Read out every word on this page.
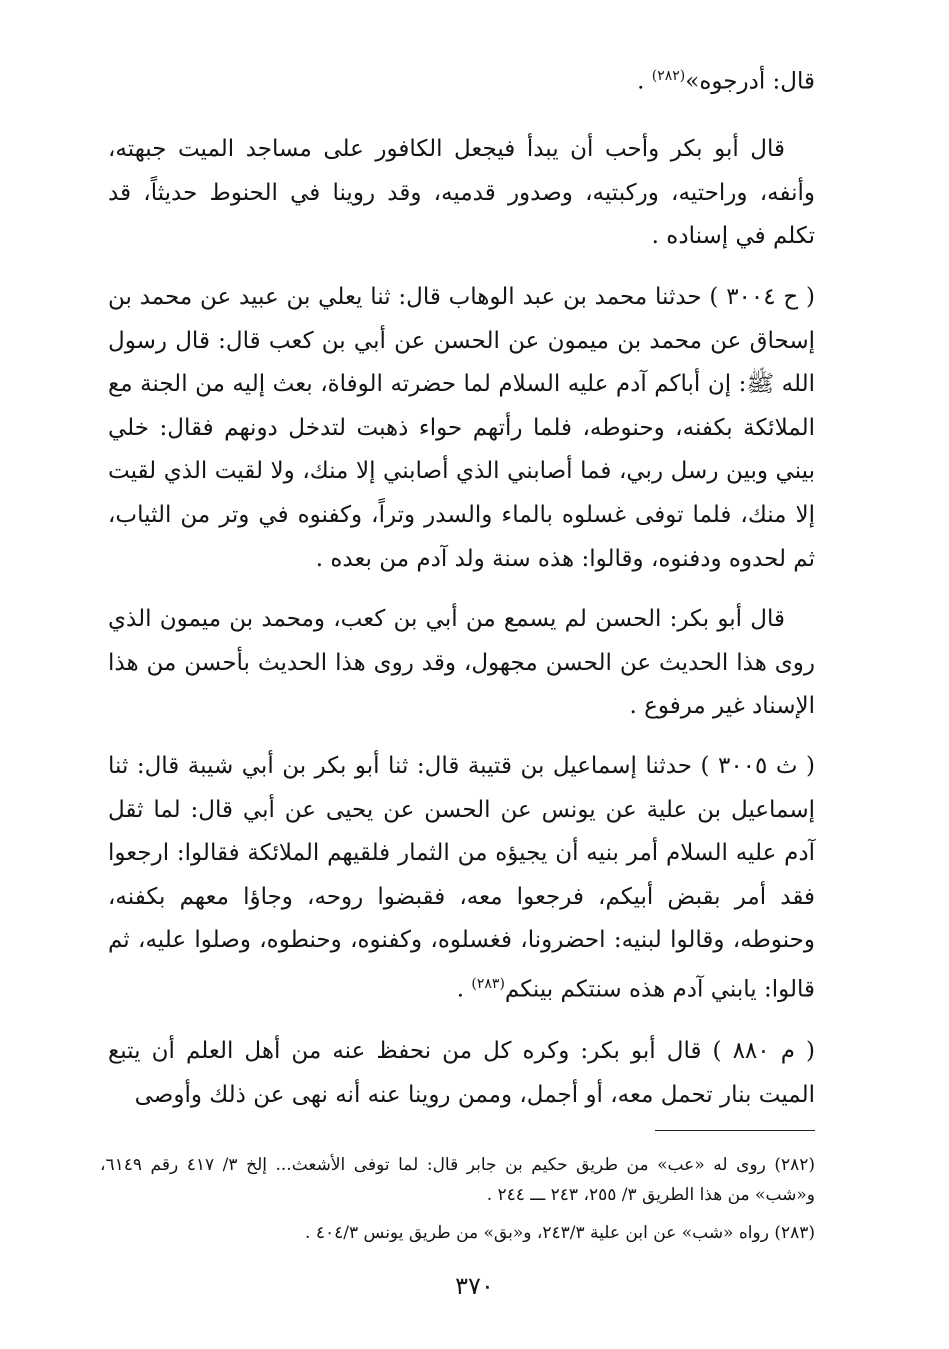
قال: أدرجوه»$^{(٢٨٢)}$ .

قال أبو بكر وأحب أن يبدأ فيجعل الكافور على مساجد الميت جبهته، وأنفه، وراحتيه، وركبتيه، وصدور قدميه، وقد روينا في الحنوط حديثاً، قد تكلم في إسناده .

( ح ٣٠٠٤ ) حدثنا محمد بن عبد الوهاب قال: ثنا يعلي بن عبيد عن محمد بن إسحاق عن محمد بن ميمون عن الحسن عن أبي بن كعب قال: قال رسول الله ﷺ: إن أباكم آدم عليه السلام لما حضرته الوفاة، بعث إليه من الجنة مع الملائكة بكفنه، وحنوطه، فلما رأتهم حواء ذهبت لتدخل دونهم فقال: خلي بيني وبين رسل ربي، فما أصابني الذي أصابني إلا منك، ولا لقيت الذي لقيت إلا منك، فلما توفى غسلوه بالماء والسدر وتراً، وكفنوه في وتر من الثياب، ثم لحدوه ودفنوه، وقالوا: هذه سنة ولد آدم من بعده .

قال أبو بكر: الحسن لم يسمع من أبي بن كعب، ومحمد بن ميمون الذي روى هذا الحديث عن الحسن مجهول، وقد روى هذا الحديث بأحسن من هذا الإسناد غير مرفوع .

( ث ٣٠٠٥ ) حدثنا إسماعيل بن قتيبة قال: ثنا أبو بكر بن أبي شيبة قال: ثنا إسماعيل بن علية عن يونس عن الحسن عن يحيى عن أبي قال: لما ثقل آدم عليه السلام أمر بنيه أن يجيؤه من الثمار فلقيهم الملائكة فقالوا: ارجعوا فقد أمر بقبض أبيكم، فرجعوا معه، فقبضوا روحه، وجاؤا معهم بكفنه، وحنوطه، وقالوا لبنيه: احضرونا، فغسلوه، وكفنوه، وحنطوه، وصلوا عليه، ثم قالوا: يابني آدم هذه سنتكم بينكم$^{(٢٨٣)}$ .

( م ٨٨٠ ) قال أبو بكر: وكره كل من نحفظ عنه من أهل العلم أن يتبع الميت بنار تحمل معه، أو أجمل، وممن روينا عنه أنه نهى عن ذلك وأوصى

(٢٨٢) روى له «عب» من طريق حكيم بن جابر قال: لما توفى الأشعث... إلخ ٣/ ٤١٧ رقم ٦١٤٩، و«شب» من هذا الطريق ٣/ ٢٥٥، ٢٤٣ ـــ ٢٤٤ .
(٢٨٣) رواه «شب» عن ابن علية ٢٤٣/٣، و«بق» من طريق يونس ٤٠٤/٣ .
٣٧٠
